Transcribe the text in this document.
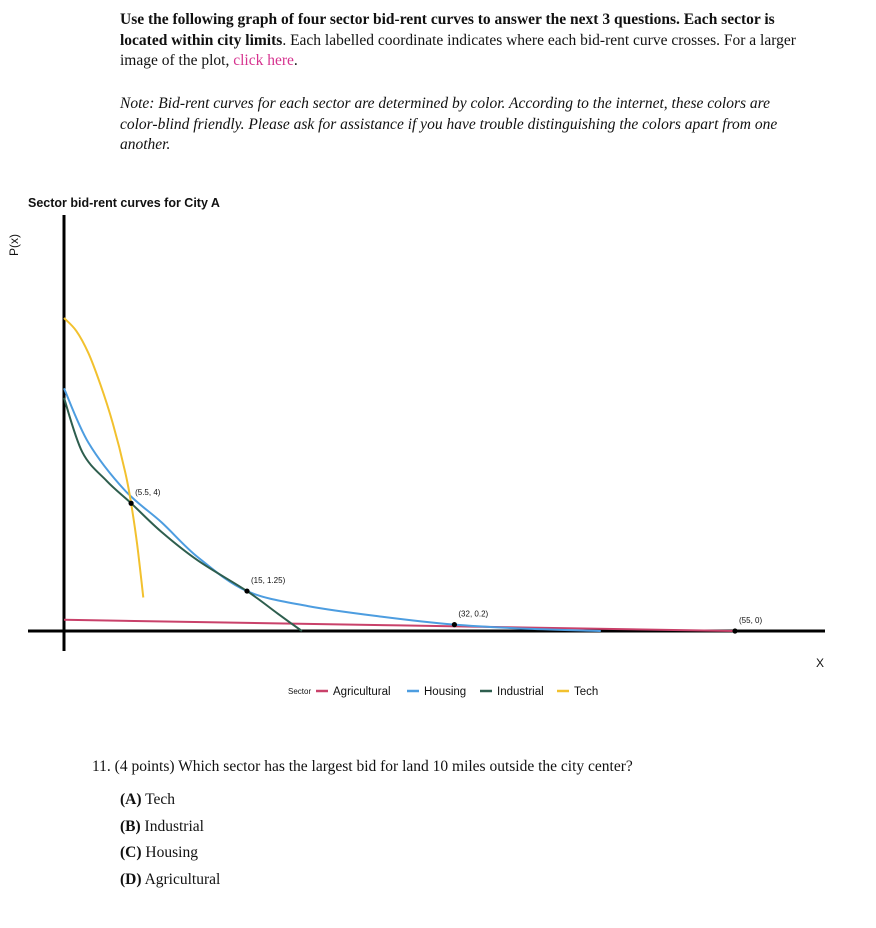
Use the following graph of four sector bid-rent curves to answer the next 3 questions. Each sector is located within city limits. Each labelled coordinate indicates where each bid-rent curve crosses. For a larger image of the plot, click here.
Note: Bid-rent curves for each sector are determined by color. According to the internet, these colors are color-blind friendly. Please ask for assistance if you have trouble distinguishing the colors apart from one another.
Sector bid-rent curves for City A
P(x)
X
(5.5, 4)
(15, 1.25)
(32, 0.2)
(55, 0)
Sector Agricultural	Housing	Industrial	Tech
11. (4 points) Which sector has the largest bid for land 10 miles outside the city center?
(A) Tech
(B) Industrial
(C) Housing
(D) Agricultural
